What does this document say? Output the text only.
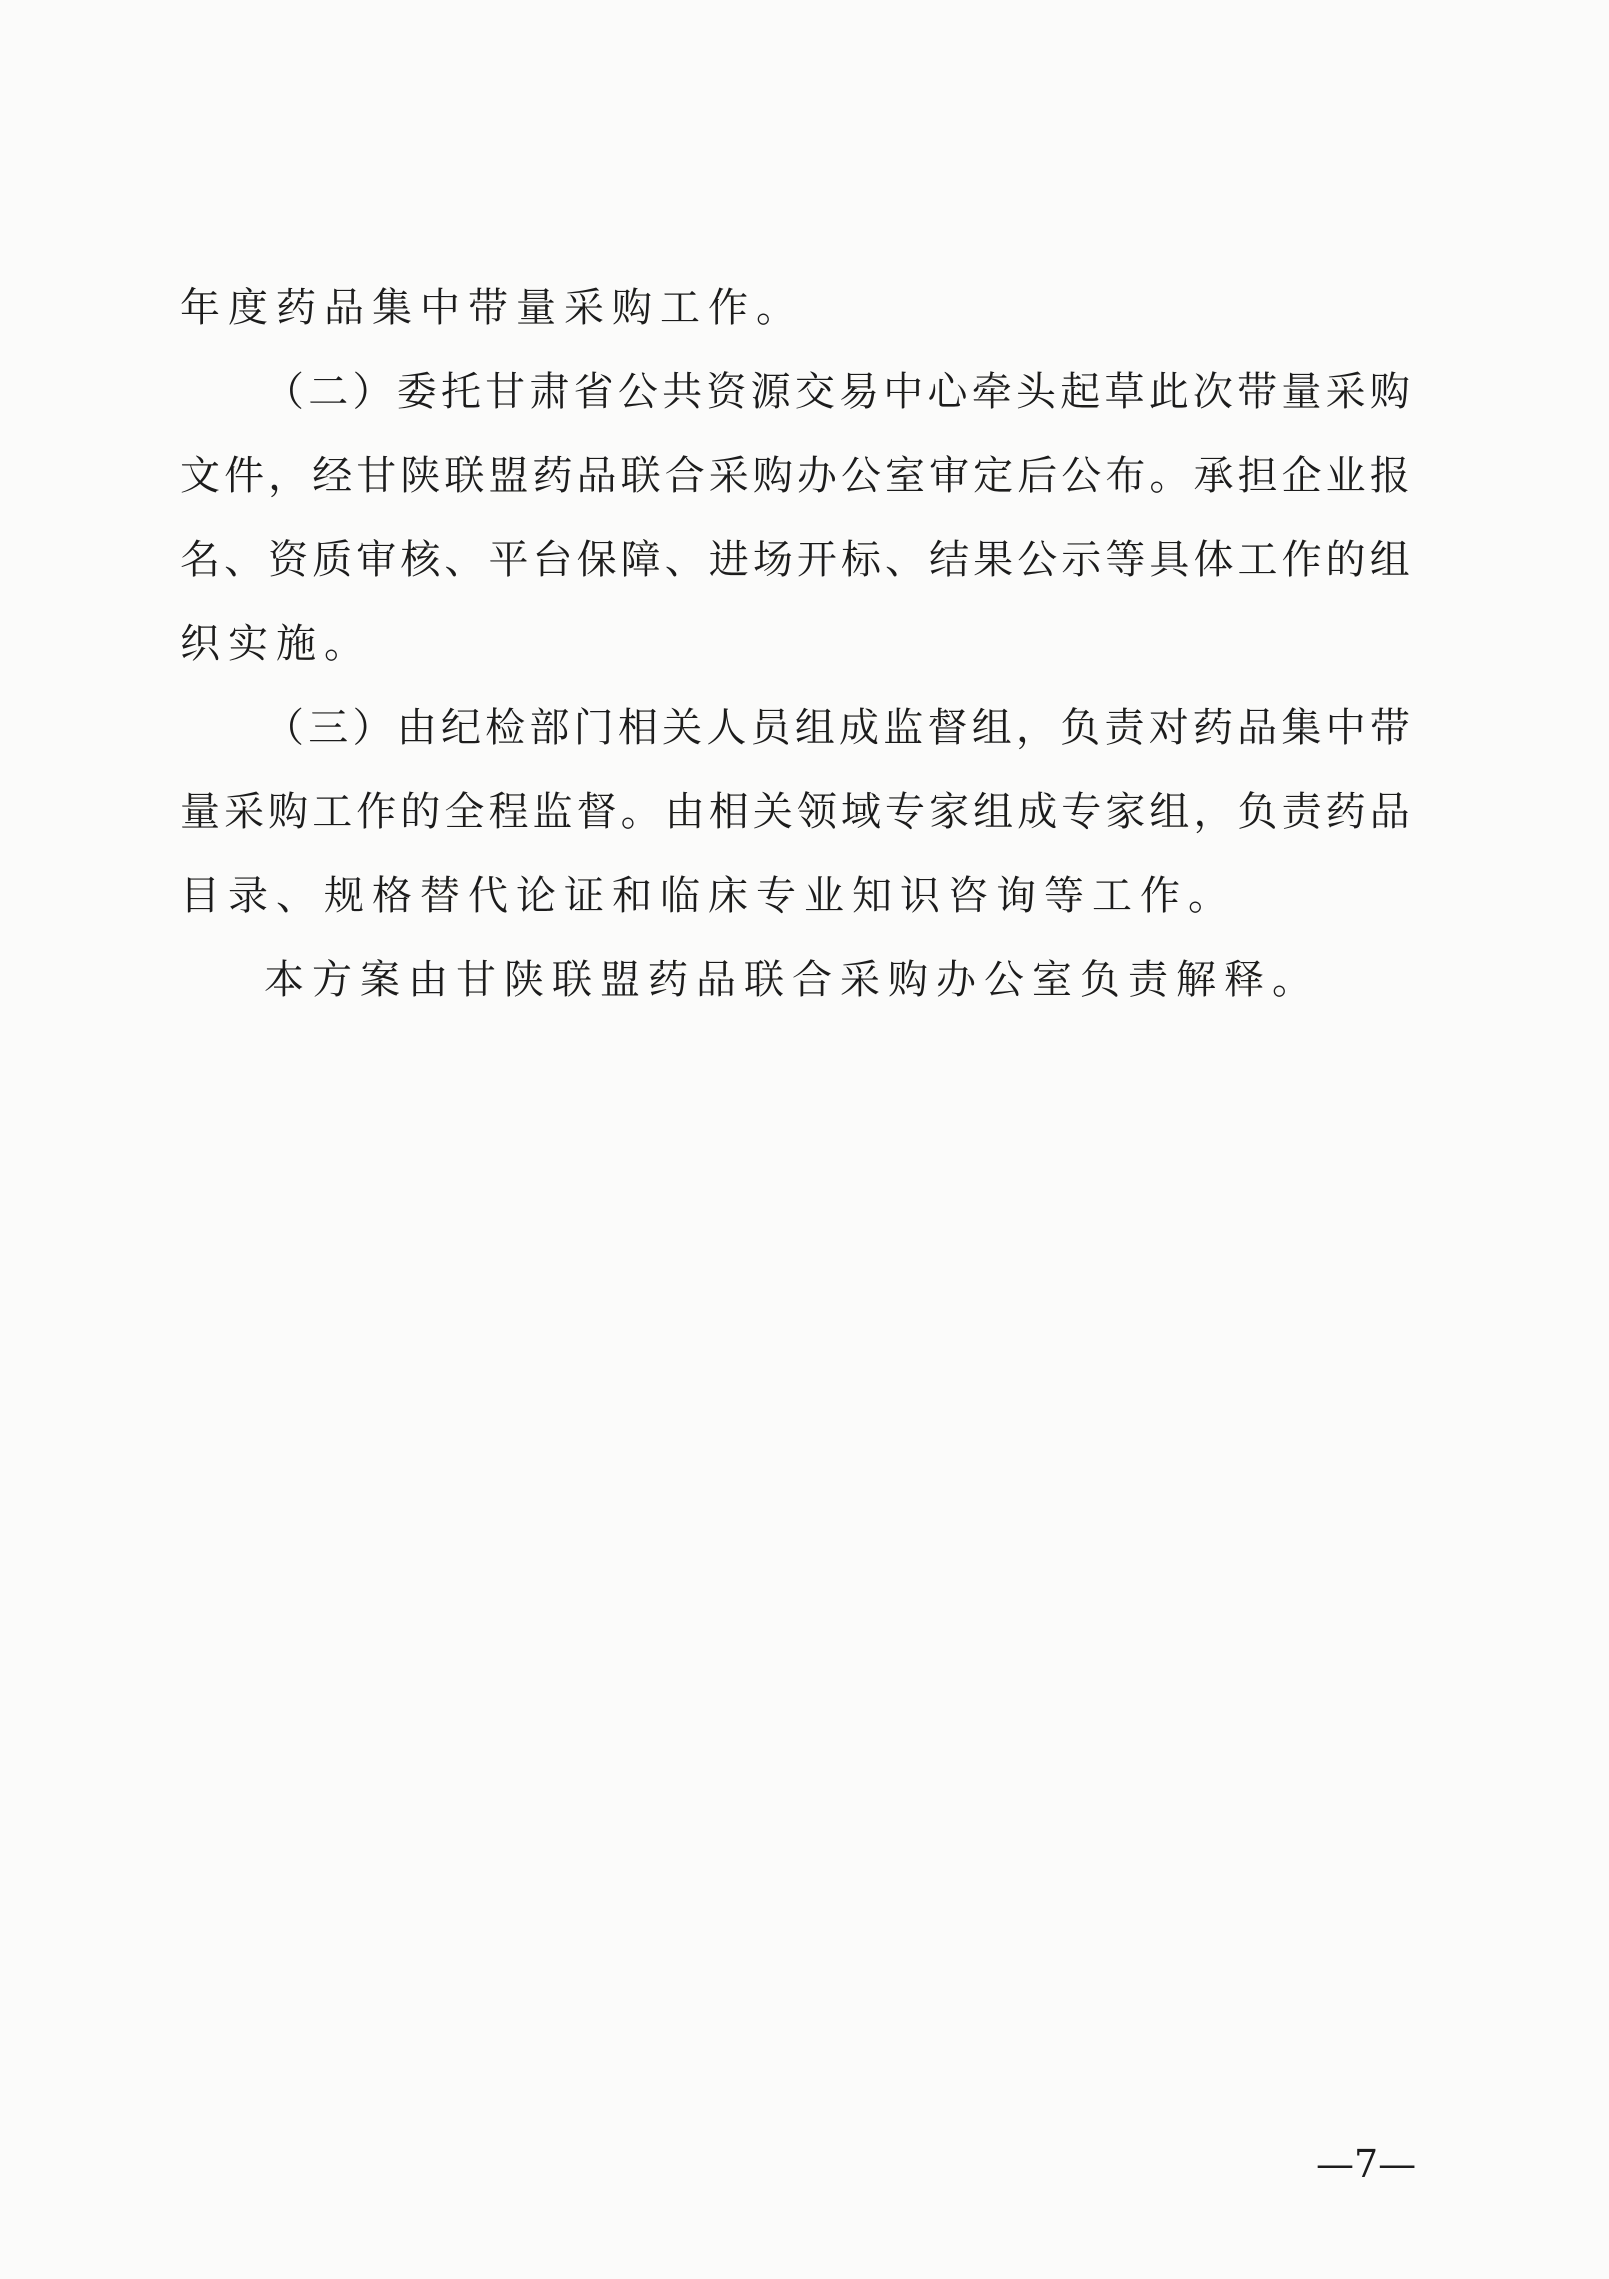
年度药品集中带量采购工作。
（ 二 ） 委 托 甘 肃 省 公 共 资 源 交 易 中 心 牵 头 起 草 此 次 带 量 采 购
文 件 ， 经 甘 陕 联 盟 药 品 联 合 采 购 办 公 室 审 定 后 公 布 。 承 担 企 业 报
名 、 资 质 审 核 、 平 台 保 障 、 进 场 开 标 、 结 果 公 示 等 具 体 工 作 的 组
织实施。
（ 三 ） 由 纪 检 部 门 相 关 人 员 组 成 监 督 组 ， 负 责 对 药 品 集 中 带
量 采 购 工 作 的 全 程 监 督 。 由 相 关 领 域 专 家 组 成 专 家 组 ， 负 责 药 品
目录、规格替代论证和临床专业知识咨询等工作。
本方案由甘陕联盟药品联合采购办公室负责解释。
—7—
